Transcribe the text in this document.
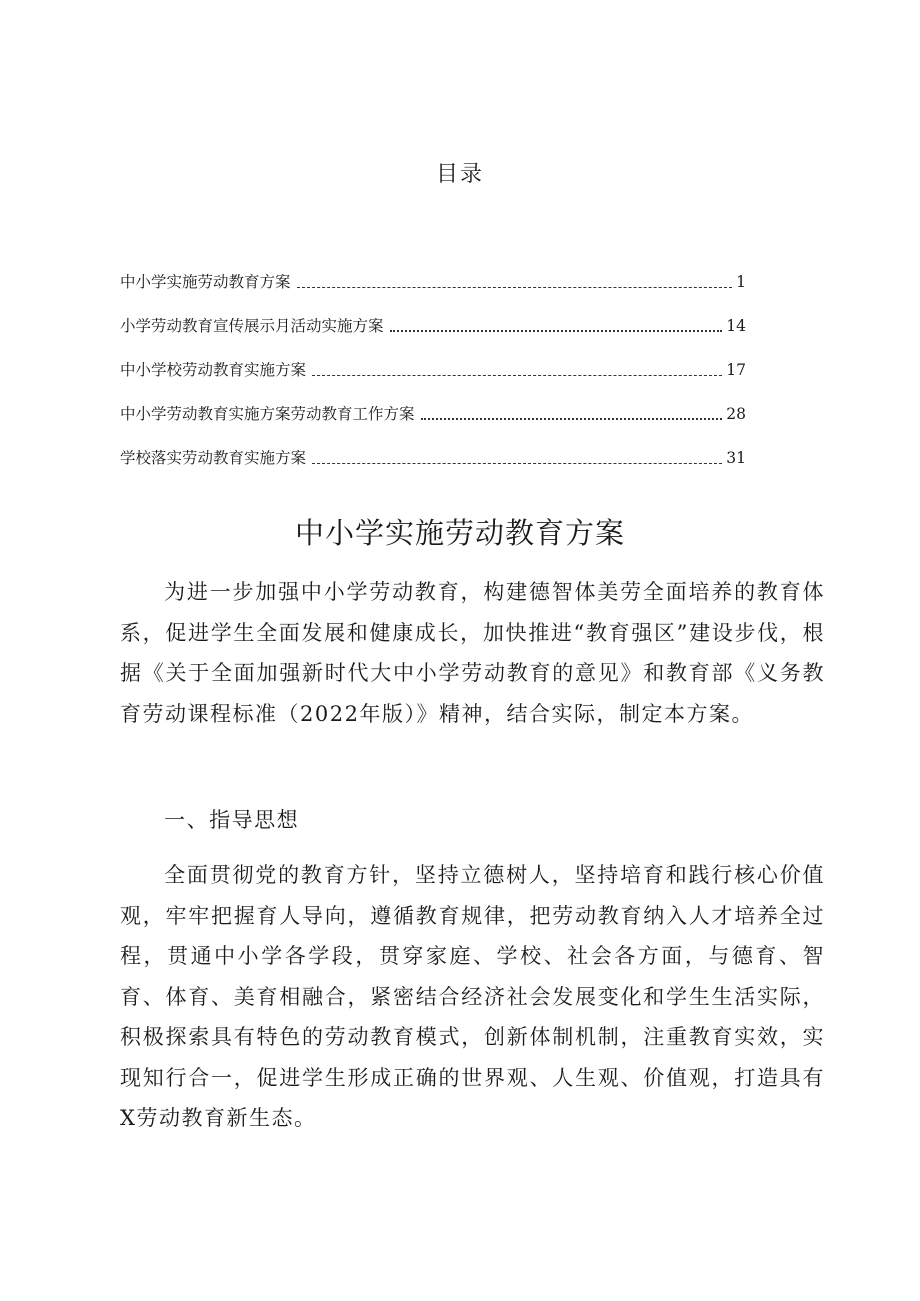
目录
中小学实施劳动教育方案	1
小学劳动教育宣传展示月活动实施方案	14
中小学校劳动教育实施方案	17
中小学劳动教育实施方案劳动教育工作方案	28
学校落实劳动教育实施方案	31
中小学实施劳动教育方案

为进一步加强中小学劳动教育，构建德智体美劳全面培养的教育体系，促进学生全面发展和健康成长，加快推进“教育强区”建设步伐，根据《关于全面加强新时代大中小学劳动教育的意见》和教育部《义务教育劳动课程标准（2022年版）》精神，结合实际，制定本方案。

一、指导思想

全面贯彻党的教育方针，坚持立德树人，坚持培育和践行核心价值观，牢牢把握育人导向，遵循教育规律，把劳动教育纳入人才培养全过程，贯通中小学各学段，贯穿家庭、学校、社会各方面，与德育、智育、体育、美育相融合，紧密结合经济社会发展变化和学生生活实际，积极探索具有特色的劳动教育模式，创新体制机制，注重教育实效，实现知行合一，促进学生形成正确的世界观、人生观、价值观，打造具有X劳动教育新生态。
